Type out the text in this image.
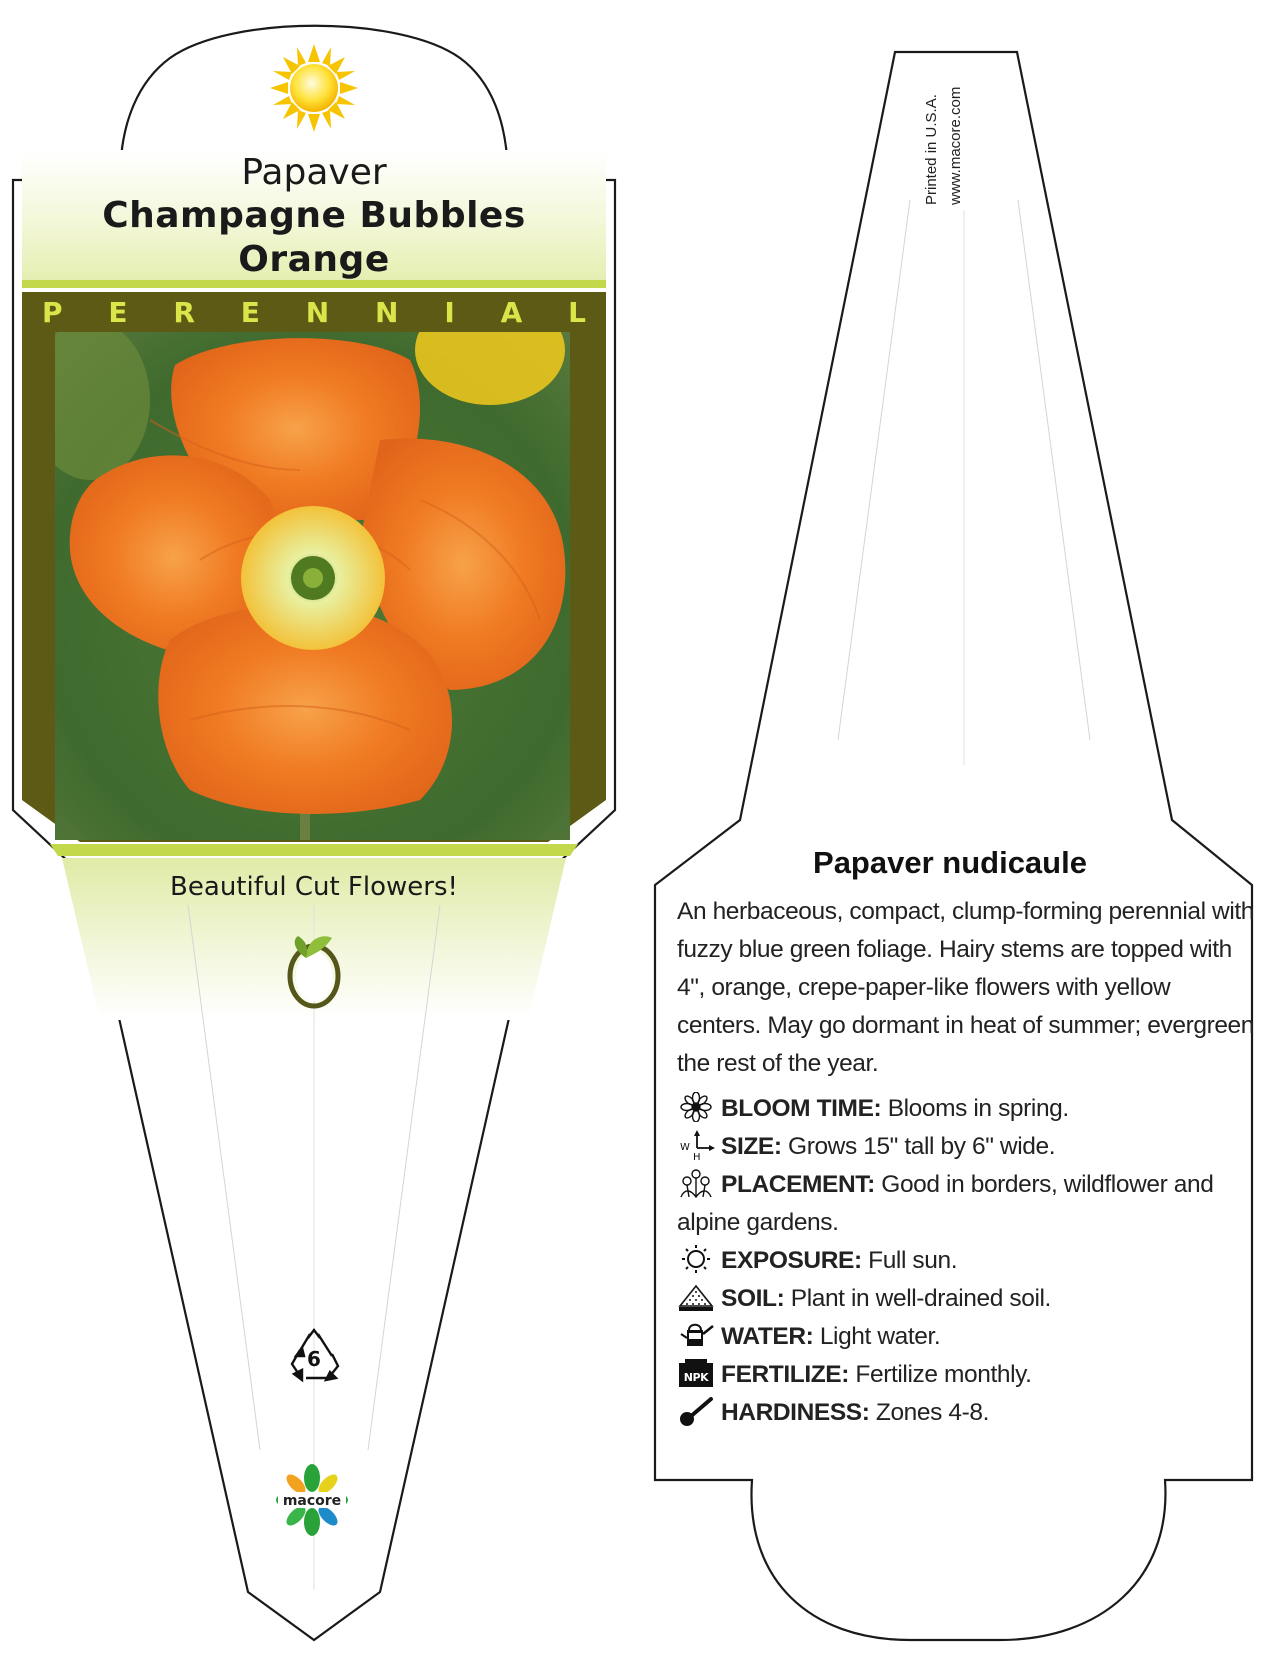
Papaver
Champagne Bubbles
Orange
P E R E N N I A L
Beautiful Cut Flowers!
6
macore
Printed in U.S.A. www.macore.com
Papaver nudicaule
An herbaceous, compact, clump-forming perennial with fuzzy blue green foliage. Hairy stems are topped with 4", orange, crepe-paper-like flowers with yellow centers. May go dormant in heat of summer; evergreen the rest of the year.
BLOOM TIME: Blooms in spring.
W
H SIZE: Grows 15" tall by 6" wide.
PLACEMENT: Good in borders, wildflower and alpine gardens.
EXPOSURE: Full sun.
SOIL: Plant in well-drained soil.
WATER: Light water.
NPK FERTILIZE: Fertilize monthly.
HARDINESS: Zones 4-8.
